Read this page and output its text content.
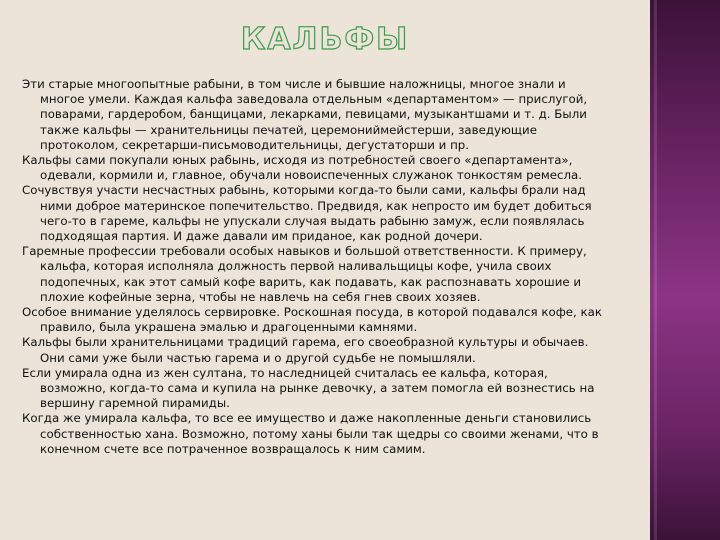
КАЛЬФЫ

Эти старые многоопытные рабыни, в том числе и бывшие наложницы, многое знали и многое умели. Каждая кальфа заведовала отдельным «департаментом» — прислугой, поварами, гардеробом, банщицами, лекарками, певицами, музыкантшами и т. д. Были также кальфы — хранительницы печатей, церемониймейстерши, заведующие протоколом, секретарши-письмоводительницы, дегустаторши и пр.

Кальфы сами покупали юных рабынь, исходя из потребностей своего «департамента», одевали, кормили и, главное, обучали новоиспеченных служанок тонкостям ремесла.

Сочувствуя участи несчастных рабынь, которыми когда-то были сами, кальфы брали над ними доброе материнское попечительство. Предвидя, как непросто им будет добиться чего-то в гареме, кальфы не упускали случая выдать рабыню замуж, если появлялась подходящая партия. И даже давали им приданое, как родной дочери.

Гаремные профессии требовали особых навыков и большой ответственности. К примеру, кальфа, которая исполняла должность первой наливальщицы кофе, учила своих подопечных, как этот самый кофе варить, как подавать, как распознавать хорошие и плохие кофейные зерна, чтобы не навлечь на себя гнев своих хозяев.

Особое внимание уделялось сервировке. Роскошная посуда, в которой подавался кофе, как правило, была украшена эмалью и драгоценными камнями.

Кальфы были хранительницами традиций гарема, его своеобразной культуры и обычаев. Они сами уже были частью гарема и о другой судьбе не помышляли.

Если умирала одна из жен султана, то наследницей считалась ее кальфа, которая, возможно, когда-то сама и купила на рынке девочку, а затем помогла ей вознестись на вершину гаремной пирамиды.

Когда же умирала кальфа, то все ее имущество и даже накопленные деньги становились собственностью хана. Возможно, потому ханы были так щедры со своими женами, что в конечном счете все потраченное возвращалось к ним самим.
